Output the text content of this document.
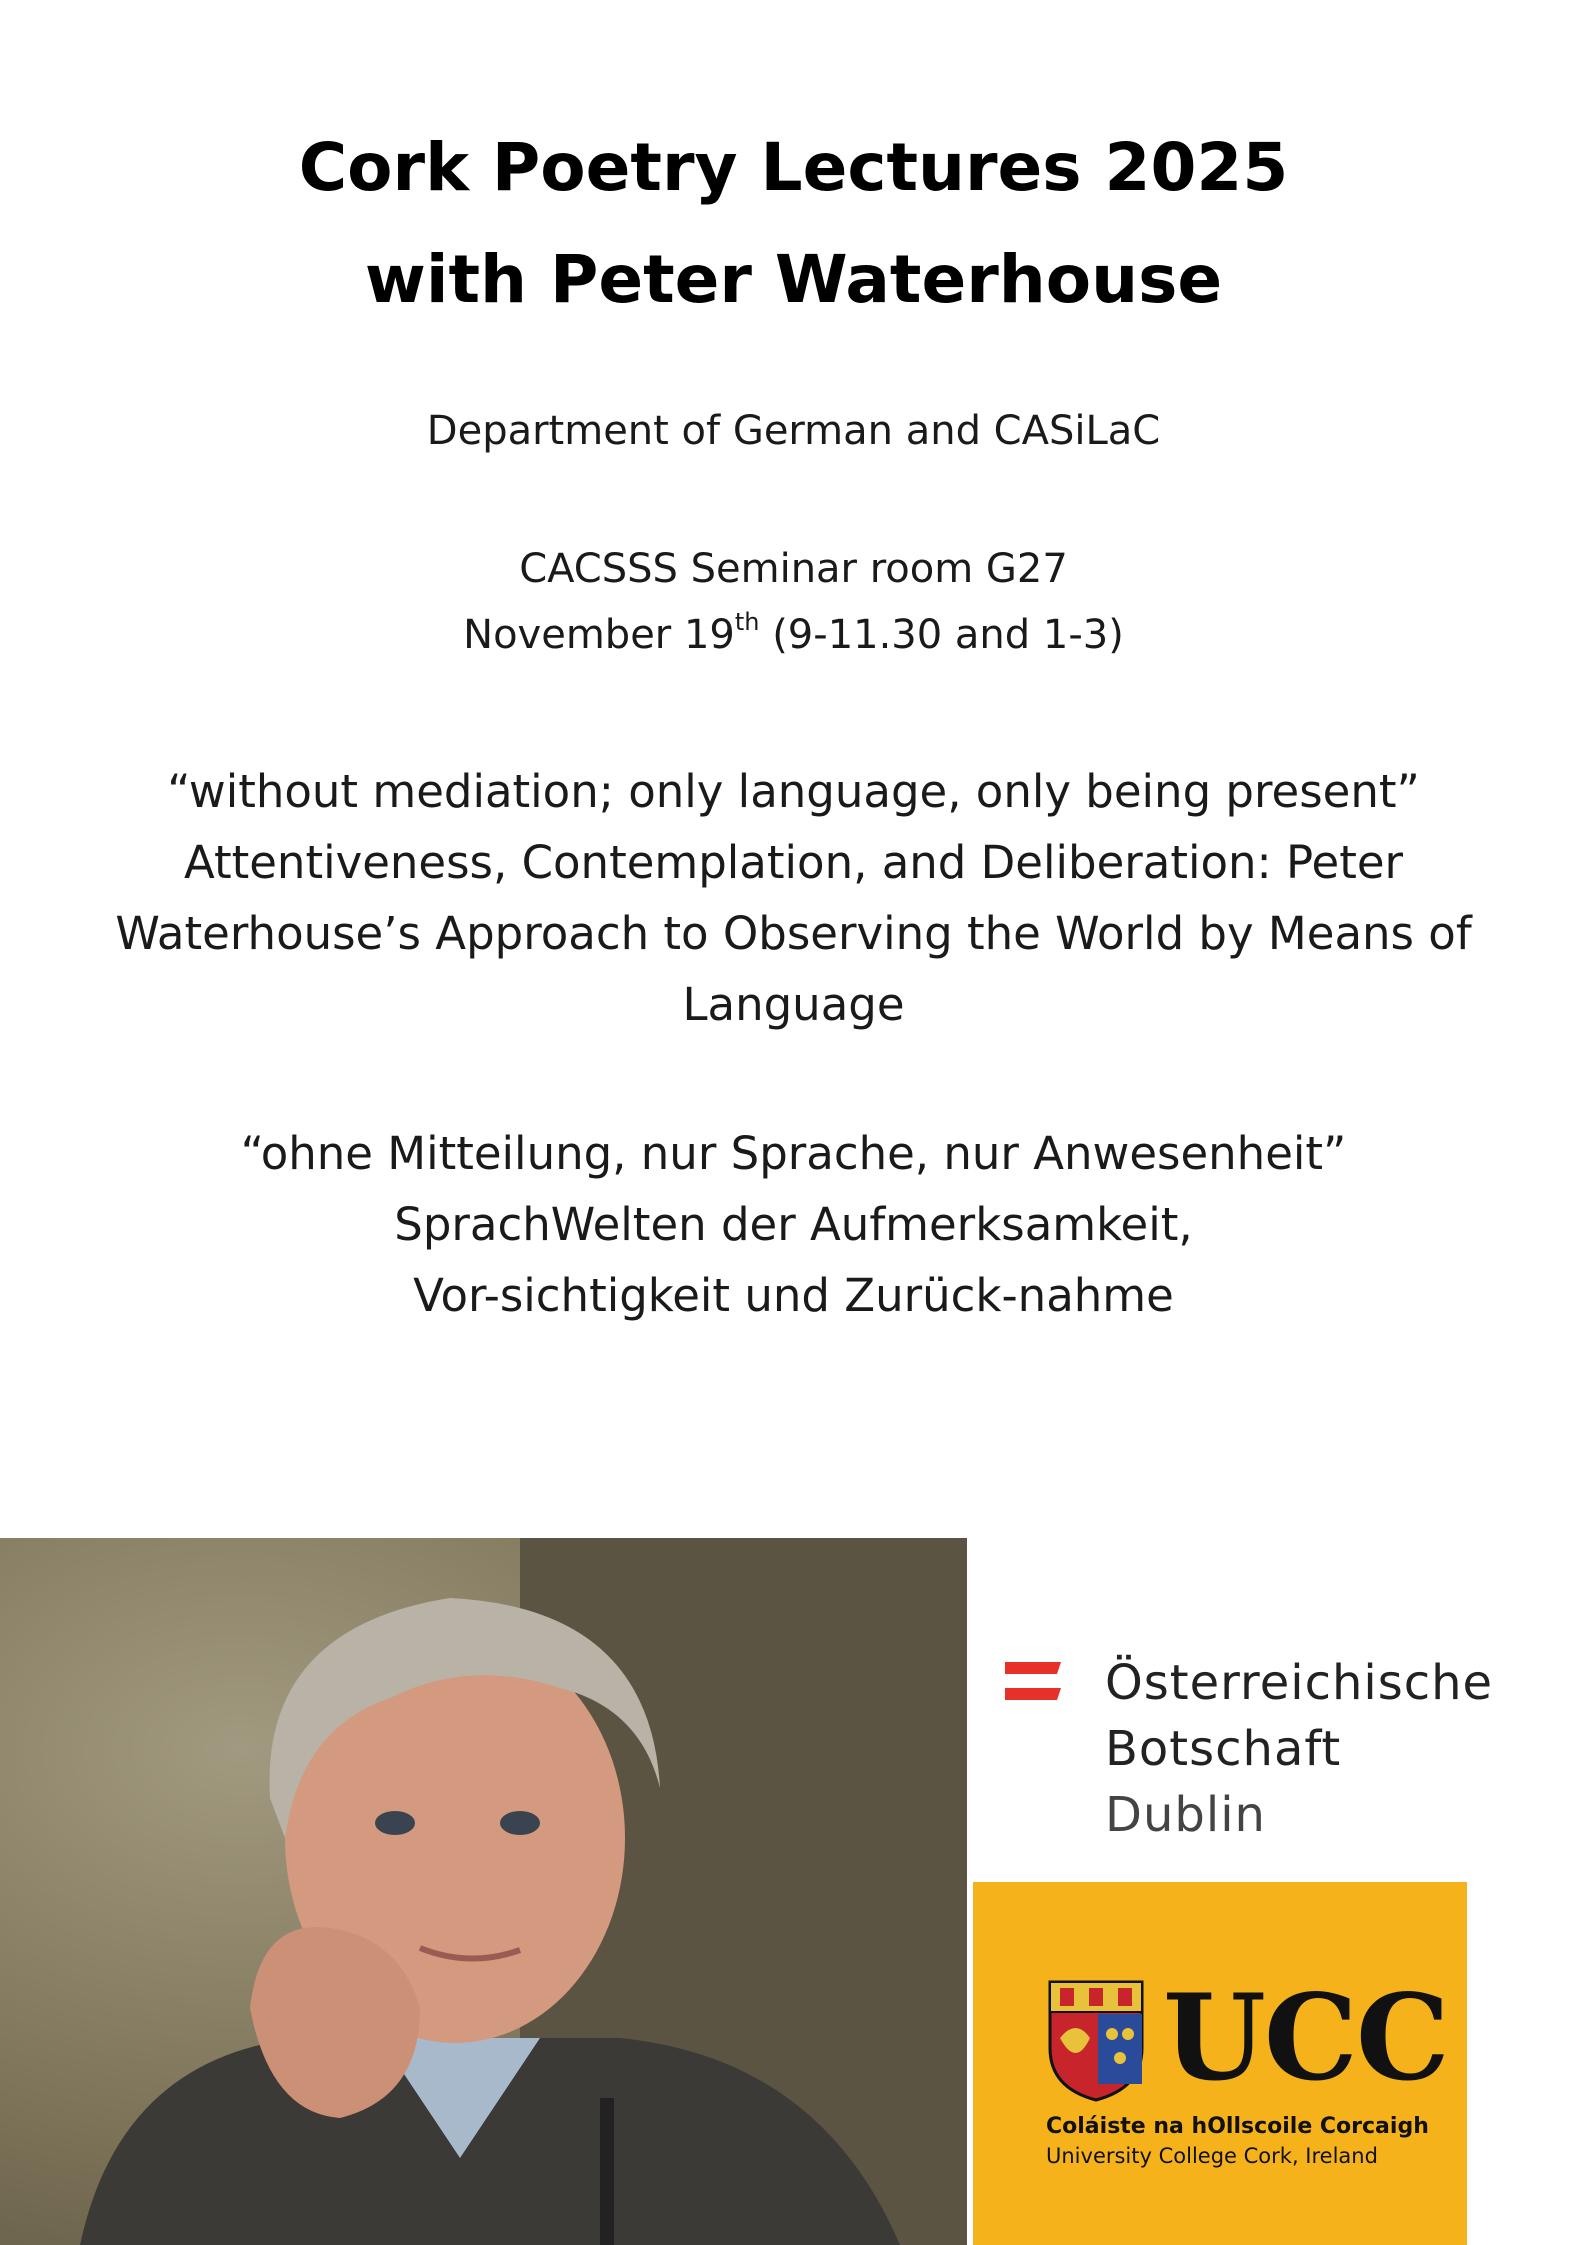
Cork Poetry Lectures 2025
with Peter Waterhouse
Department of German and CASiLaC
CACSSS Seminar room G27
November 19th (9-11.30 and 1-3)
“without mediation; only language, only being present”
Attentiveness, Contemplation, and Deliberation: Peter
Waterhouse’s Approach to Observing the World by Means of
Language
“ohne Mitteilung, nur Sprache, nur Anwesenheit”
SprachWelten der Aufmerksamkeit,
Vor-sichtigkeit und Zurück-nahme
Österreichische
Botschaft
Dublin
UCC
Coláiste na hOllscoile Corcaigh
University College Cork, Ireland
